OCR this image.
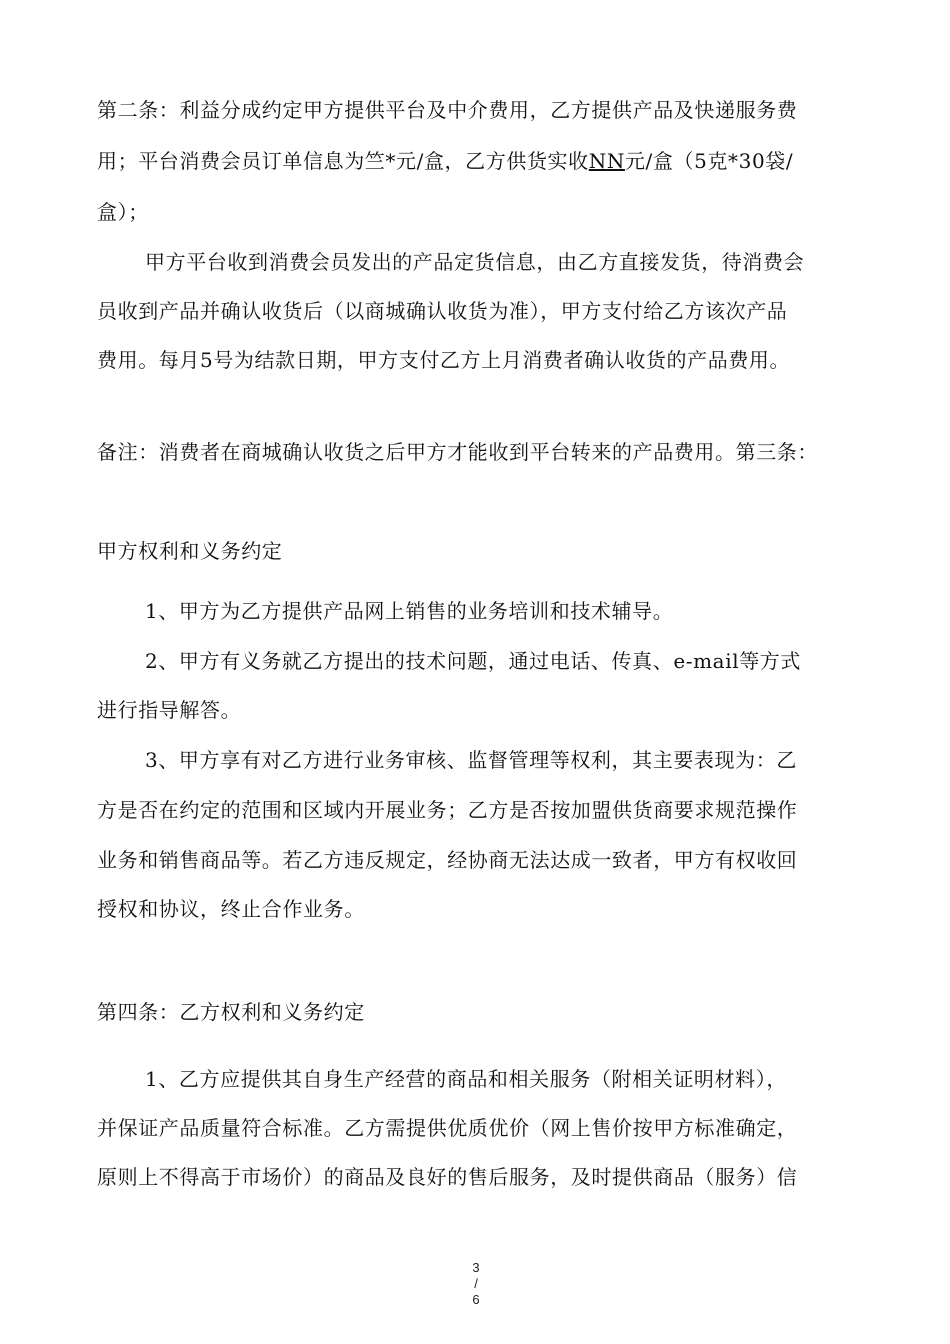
第二条：利益分成约定甲方提供平台及中介费用，乙方提供产品及快递服务费
用；平台消费会员订单信息为竺*元/盒，乙方供货实收NN元/盒（5克*30袋/
盒）；
甲方平台收到消费会员发出的产品定货信息，由乙方直接发货，待消费会
员收到产品并确认收货后（以商城确认收货为准），甲方支付给乙方该次产品
费用。每月5号为结款日期，甲方支付乙方上月消费者确认收货的产品费用。
备注：消费者在商城确认收货之后甲方才能收到平台转来的产品费用。第三条：
甲方权利和义务约定
1、甲方为乙方提供产品网上销售的业务培训和技术辅导。
2、甲方有义务就乙方提出的技术问题，通过电话、传真、e-mail等方式
进行指导解答。
3、甲方享有对乙方进行业务审核、监督管理等权利，其主要表现为：乙
方是否在约定的范围和区域内开展业务；乙方是否按加盟供货商要求规范操作
业务和销售商品等。若乙方违反规定，经协商无法达成一致者，甲方有权收回
授权和协议，终止合作业务。
第四条：乙方权利和义务约定
1、乙方应提供其自身生产经营的商品和相关服务（附相关证明材料），
并保证产品质量符合标准。乙方需提供优质优价（网上售价按甲方标准确定，
原则上不得高于市场价）的商品及良好的售后服务，及时提供商品（服务）信
3
/
6
